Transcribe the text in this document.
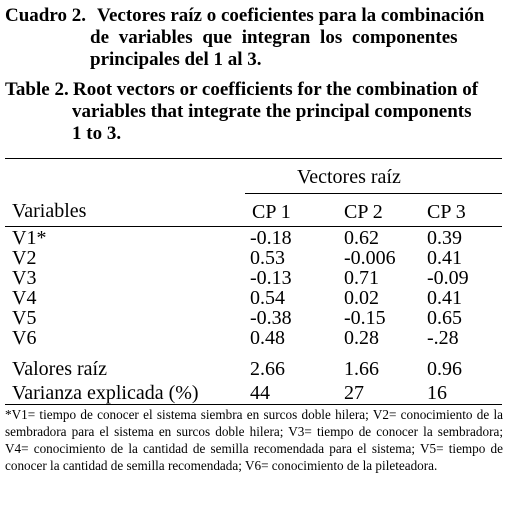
Cuadro 2. Vectores raíz o coeficientes para la combinación
de variables que integran los componentes
principales del 1 al 3.
Table 2. Root vectors or coefficients for the combination of
variables that integrate the principal components
1 to 3.
Vectores raíz
Variables	CP 1	CP 2 CP 3
V1*	-0.18	0.62 0.39
V2	0.53	-0.006 0.41
V3	-0.13	0.71 -0.09
V4	0.54	0.02 0.41
V5	-0.38	-0.15 0.65
V6	0.48	0.28 -.28
Valores raíz	2.66	1.66 0.96
Varianza explicada (%)	44	27	16
*V1= tiempo de conocer el sistema siembra en surcos doble hilera; V2= conocimiento de la sembradora para el sistema en surcos doble hilera; V3= tiempo de conocer la sembradora; V4= conocimiento de la cantidad de semilla recomendada para el sistema; V5= tiempo de conocer la cantidad de semilla recomendada; V6= conocimiento de la pileteadora.
